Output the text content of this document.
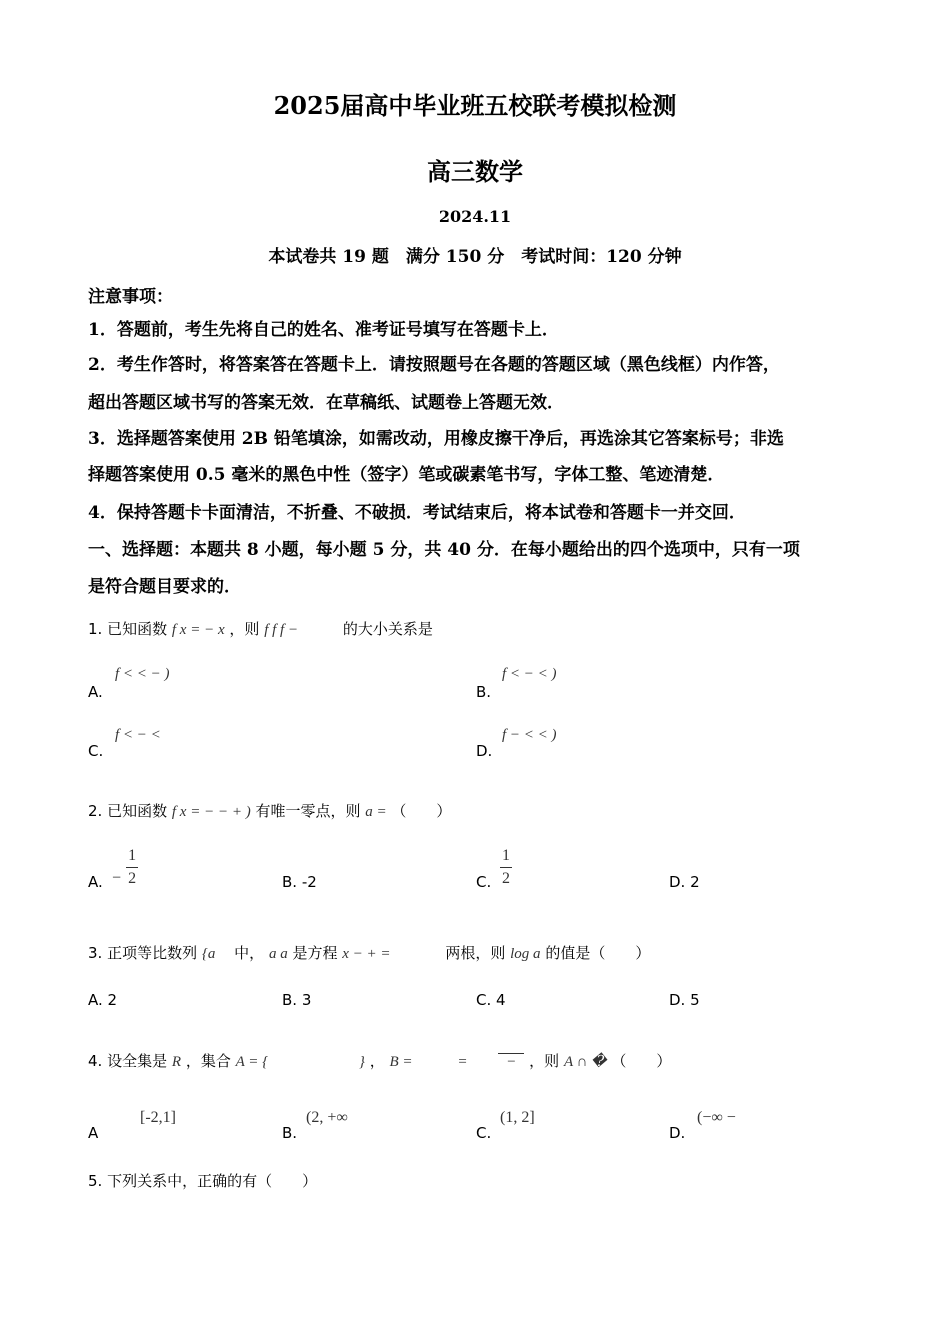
2025届高中毕业班五校联考模拟检测
高三数学
2024.11
本试卷共 19 题　满分 150 分　考试时间：120 分钟
注意事项：
1．答题前，考生先将自己的姓名、准考证号填写在答题卡上．
2．考生作答时，将答案答在答题卡上．请按照题号在各题的答题区域（黑色线框）内作答，
超出答题区域书写的答案无效．在草稿纸、试题卷上答题无效．
3．选择题答案使用 2B 铅笔填涂，如需改动，用橡皮擦干净后，再选涂其它答案标号；非选
择题答案使用 0.5 毫米的黑色中性（签字）笔或碳素笔书写，字体工整、笔迹清楚．
4．保持答题卡卡面清洁，不折叠、不破损．考试结束后，将本试卷和答题卡一并交回．
一、选择题：本题共 8 小题，每小题 5 分，共 40 分．在每小题给出的四个选项中，只有一项
是符合题目要求的．
1. 已知函数 f x = − x ，则 f f f −	的大小关系是
A.
f < < − )
B.
f < − < )
C.
f < − <
D.
f − < < )
2. 已知函数 f x = − − + ) 有唯一零点，则 a = （　　）
A. − $\frac{1}{2}$	B. -2	C. $\frac{1}{2}$	D. 2
3. 正项等比数列 {a 中， a a 是方程 x − + =	两根，则 log a 的值是（　　）
A. 2	B. 3	C. 4	D. 5
4. 设全集是 R ，集合 A = {	} ， B =	=	− ，则 A ∩ � （　　）
A
[-2,1]
B.
(2, +∞
C.
(1, 2]
D.
(−∞ −
5. 下列关系中，正确的有（　　）
